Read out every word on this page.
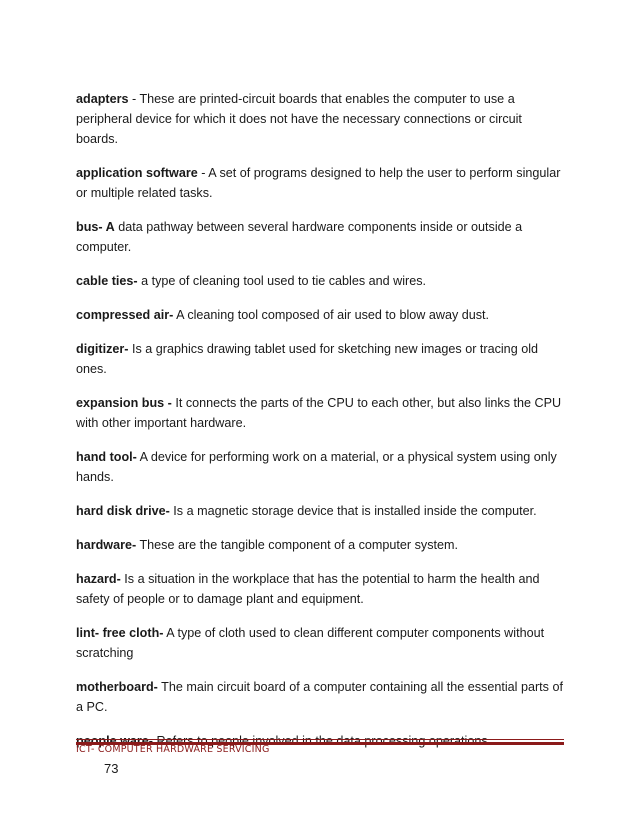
adapters - These are printed-circuit boards that enables the computer to use a peripheral device for which it does not have the necessary connections or circuit boards.

application software - A set of programs designed to help the user to perform singular or multiple related tasks.

bus- A data pathway between several hardware components inside or outside a computer.

cable ties- a type of cleaning tool used to tie cables and wires.

compressed air- A cleaning tool composed of air used to blow away dust.

digitizer- Is a graphics drawing tablet used for sketching new images or tracing old ones.

expansion bus - It connects the parts of the CPU to each other, but also links the CPU with other important hardware.

hand tool- A device for performing work on a material, or a physical system using only hands.

hard disk drive- Is a magnetic storage device that is installed inside the computer.

hardware- These are the tangible component of a computer system.

hazard- Is a situation in the workplace that has the potential to harm the health and safety of people or to damage plant and equipment.

lint- free cloth- A type of cloth used to clean different computer components without scratching

motherboard- The main circuit board of a computer containing all the essential parts of a PC.

people ware- Refers to people involved in the data processing operations.

ICT- COMPUTER HARDWARE SERVICING
73
